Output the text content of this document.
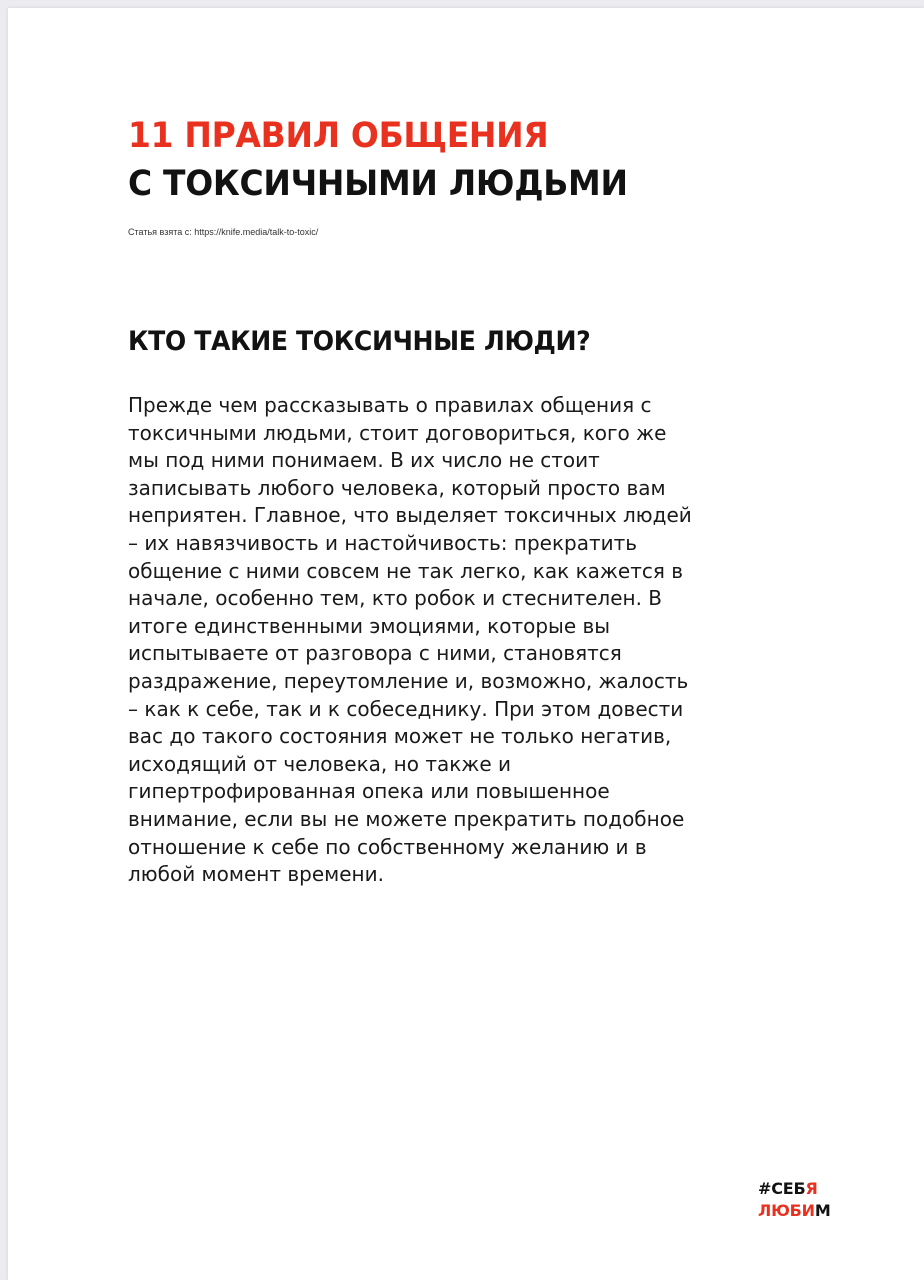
11 ПРАВИЛ ОБЩЕНИЯ
С ТОКСИЧНЫМИ ЛЮДЬМИ

Статья взята с: https://knife.media/talk-to-toxic/

КТО ТАКИЕ ТОКСИЧНЫЕ ЛЮДИ?
Прежде чем рассказывать о правилах общения с
токсичными людьми, стоит договориться, кого же
мы под ними понимаем. В их число не стоит
записывать любого человека, который просто вам
неприятен. Главное, что выделяет токсичных людей
– их навязчивость и настойчивость: прекратить
общение с ними совсем не так легко, как кажется в
начале, особенно тем, кто робок и стеснителен. В
итоге единственными эмоциями, которые вы
испытываете от разговора с ними, становятся
раздражение, переутомление и, возможно, жалость
– как к себе, так и к собеседнику. При этом довести
вас до такого состояния может не только негатив,
исходящий от человека, но также и
гипертрофированная опека или повышенное
внимание, если вы не можете прекратить подобное
отношение к себе по собственному желанию и в
любой момент времени.
#СЕБЯ
ЛЮБИМ
